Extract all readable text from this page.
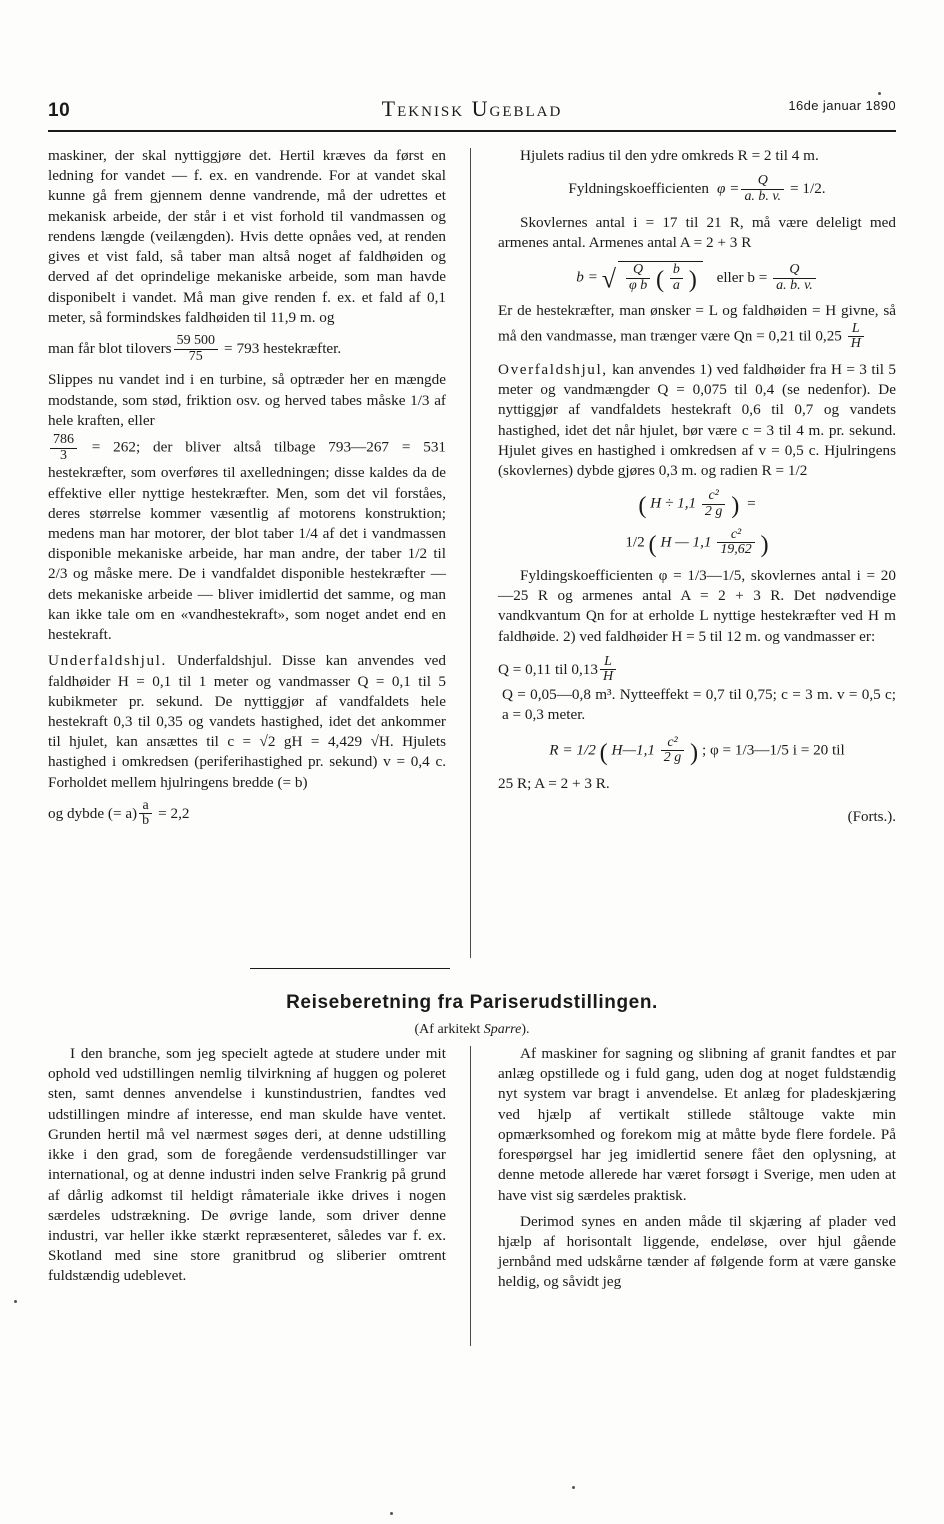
10	Teknisk Ugeblad	16de januar 1890

maskiner, der skal nyttiggjøre det. Hertil kræves da først en ledning for vandet — f. ex. en vandrende. For at vandet skal kunne gå frem gjennem denne vandrende, må der udrettes et mekanisk arbeide, der står i et vist forhold til vandmassen og rendens længde (veilængden). Hvis dette opnåes ved, at renden gives et vist fald, så taber man altså noget af faldhøiden og derved af det oprindelige mekaniske arbeide, som man havde disponibelt i vandet. Må man give renden f. ex. et fald af 0,1 meter, så formindskes faldhøiden til 11,9 m. og

man får blot tilovers $\frac{59 500}{75} = 793$ hestekræfter.

Slippes nu vandet ind i en turbine, så optræder her en mængde modstande, som stød, friktion osv. og herved tabes måske 1/3 af hele kraften, eller

$\frac{786}{3} = 262$; der bliver altså tilbage 793—267 = 531 hestekræfter, som overføres til axelledningen; disse kaldes da de effektive eller nyttige hestekræfter. Men, som det vil forståes, deres størrelse kommer væsentlig af motorens konstruktion; medens man har motorer, der blot taber 1/4 af det i vandmassen disponible mekaniske arbeide, har man andre, der taber 1/2 til 2/3 og måske mere. De i vandfaldet disponible hestekræfter — dets mekaniske arbeide — bliver imidlertid det samme, og man kan ikke tale om en «vandhestekraft», som noget andet end en hestekraft.

Underfaldshjul. Underfaldshjul. Disse kan anvendes ved faldhøider H = 0,1 til 1 meter og vandmasser Q = 0,1 til 5 kubikmeter pr. sekund. De nyttiggjør af vandfaldets hele hestekraft 0,3 til 0,35 og vandets hastighed, idet det ankommer til hjulet, kan ansættes til c = √2 gH = 4,429 √H. Hjulets hastighed i omkredsen (periferihastighed pr. sekund) v = 0,4 c. Forholdet mellem hjulringens bredde (= b)

og dybde (= $a) \frac{a}{b} = 2,2$

Hjulets radius til den ydre omkreds R = 2 til 4 m.

Fyldningskoefficienten $\varphi = \frac{Q}{a. b. v.} = 1/2$.

Skovlernes antal i = 17 til 21 R, må være deleligt med armenes antal. Armenes antal A = 2 + 3 R

b = √ $\frac{Q}{\text{φ b}}$ ( $\frac{b}{a}$ ) eller $b = \frac{Q}{a. b. v.}$
Er de hestekræfter, man ønsker = L og faldhøiden = H givne, så må den vandmasse, man trænger være Qn = 0,21 til $0,25 \frac{L}{H}$
Overfaldshjul, kan anvendes 1) ved faldhøider fra H = 3 til 5 meter og vandmængder Q = 0,075 til 0,4 (se nedenfor). De nyttiggjør af vandfaldets hestekraft 0,6 til 0,7 og vandets hastighed, idet det når hjulet, bør være c = 3 til 4 m. pr. sekund. Hjulet gives en hastighed i omkredsen af v = 0,5 c. Hjulringens (skovlernes) dybde gjøres 0,3 m. og radien R = 1/2
( $H \div 1,1 \frac{\text{c²}}{2 g}$ ) =
1/2 ( H — $1,1 \frac{\text{c²}}{19,62}$ )

Fyldingskoefficienten φ = 1/3—1/5, skovlernes antal i = 20—25 R og armenes antal A = 2 + 3 R. Det nødvendige vandkvantum Qn for at erholde L nyttige hestekræfter ved H m faldhøide. 2) ved faldhøider H = 5 til 12 m. og vandmasser er:

Q = 0,11 til $0,13 \frac{L}{H}$
Q = 0,05—0,8 m³. Nytteeffekt = 0,7 til 0,75; c = 3 m. v = 0,5 c; a = 0,3 meter.
R = 1/2 ( H—1,1 $\frac{\text{c²}}{2 g}$ ) ; φ = 1/3—1/5 i = 20 til

25 R; A = 2 + 3 R.

(Forts.).
Reiseberetning fra Pariserudstillingen.
(Af arkitekt Sparre).

I den branche, som jeg specielt agtede at studere under mit ophold ved udstillingen nemlig tilvirkning af huggen og poleret sten, samt dennes anvendelse i kunstindustrien, fandtes ved udstillingen mindre af interesse, end man skulde have ventet. Grunden hertil må vel nærmest søges deri, at denne udstilling ikke i den grad, som de foregående verdensudstillinger var international, og at denne industri inden selve Frankrig på grund af dårlig adkomst til heldigt råmateriale ikke drives i nogen særdeles udstrækning. De øvrige lande, som driver denne industri, var heller ikke stærkt repræsenteret, således var f. ex. Skotland med sine store granitbrud og sliberier omtrent fuldstændig udeblevet.

Af maskiner for sagning og slibning af granit fandtes et par anlæg opstillede og i fuld gang, uden dog at noget fuldstændig nyt system var bragt i anvendelse. Et anlæg for pladeskjæring ved hjælp af vertikalt stillede ståltouge vakte min opmærksomhed og forekom mig at måtte byde flere fordele. På forespørgsel har jeg imidlertid senere fået den oplysning, at denne metode allerede har været forsøgt i Sverige, men uden at have vist sig særdeles praktisk.

Derimod synes en anden måde til skjæring af plader ved hjælp af horisontalt liggende, endeløse, over hjul gående jernbånd med udskårne tænder af følgende form at være ganske heldig, og såvidt jeg
